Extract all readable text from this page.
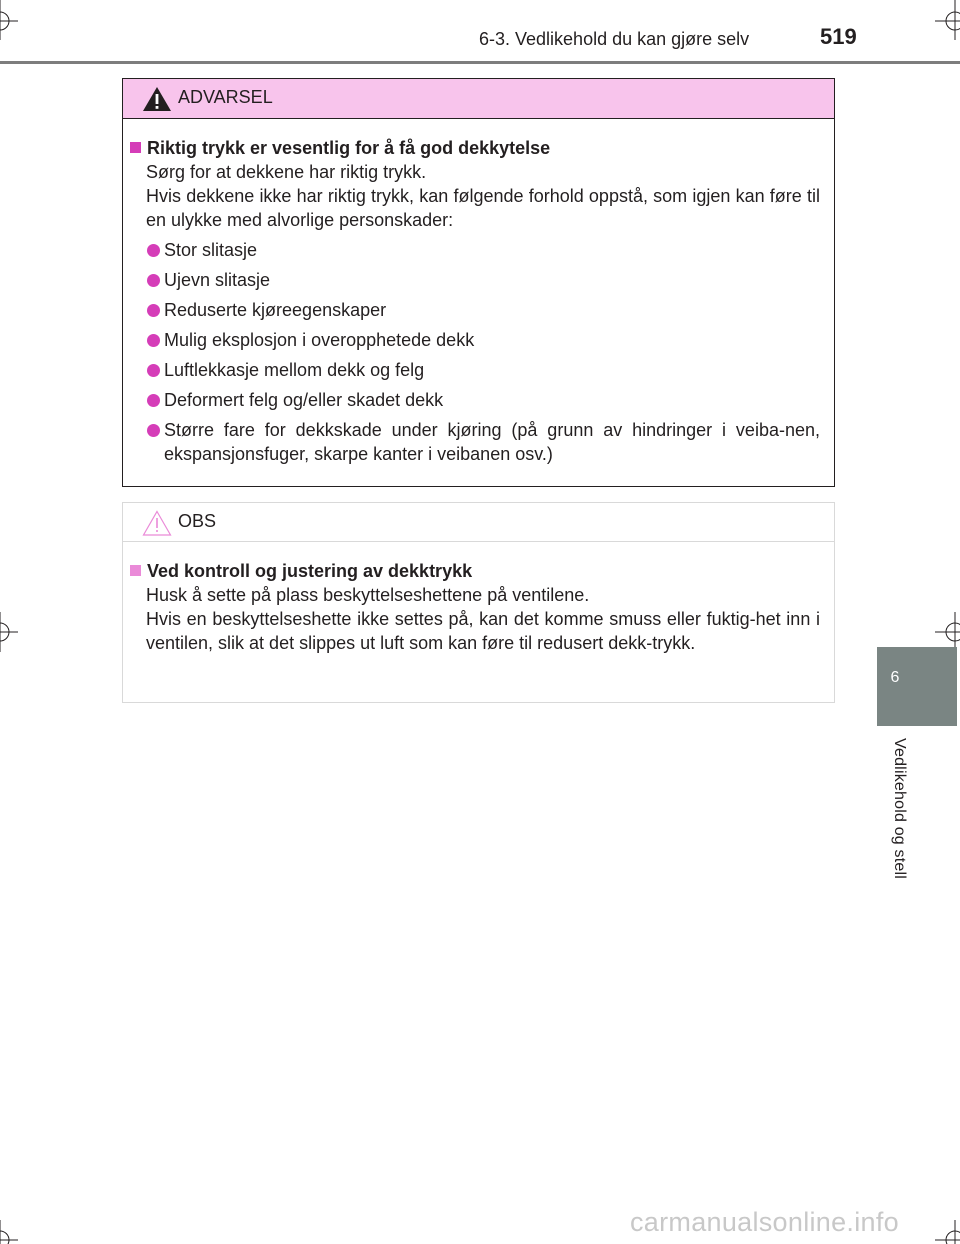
6-3. Vedlikehold du kan gjøre selv	519
6
Vedlikehold og stell
ADVARSEL
Riktig trykk er vesentlig for å få god dekkytelse
Sørg for at dekkene har riktig trykk.
Hvis dekkene ikke har riktig trykk, kan følgende forhold oppstå, som igjen kan føre til en ulykke med alvorlige personskader:
Stor slitasje
Ujevn slitasje
Reduserte kjøreegenskaper
Mulig eksplosjon i overopphetede dekk
Luftlekkasje mellom dekk og felg
Deformert felg og/eller skadet dekk
Større fare for dekkskade under kjøring (på grunn av hindringer i veiba-nen, ekspansjonsfuger, skarpe kanter i veibanen osv.)
OBS
Ved kontroll og justering av dekktrykk
Husk å sette på plass beskyttelseshettene på ventilene.
Hvis en beskyttelseshette ikke settes på, kan det komme smuss eller fuktig-het inn i ventilen, slik at det slippes ut luft som kan føre til redusert dekk-trykk.
carmanualsonline.info
